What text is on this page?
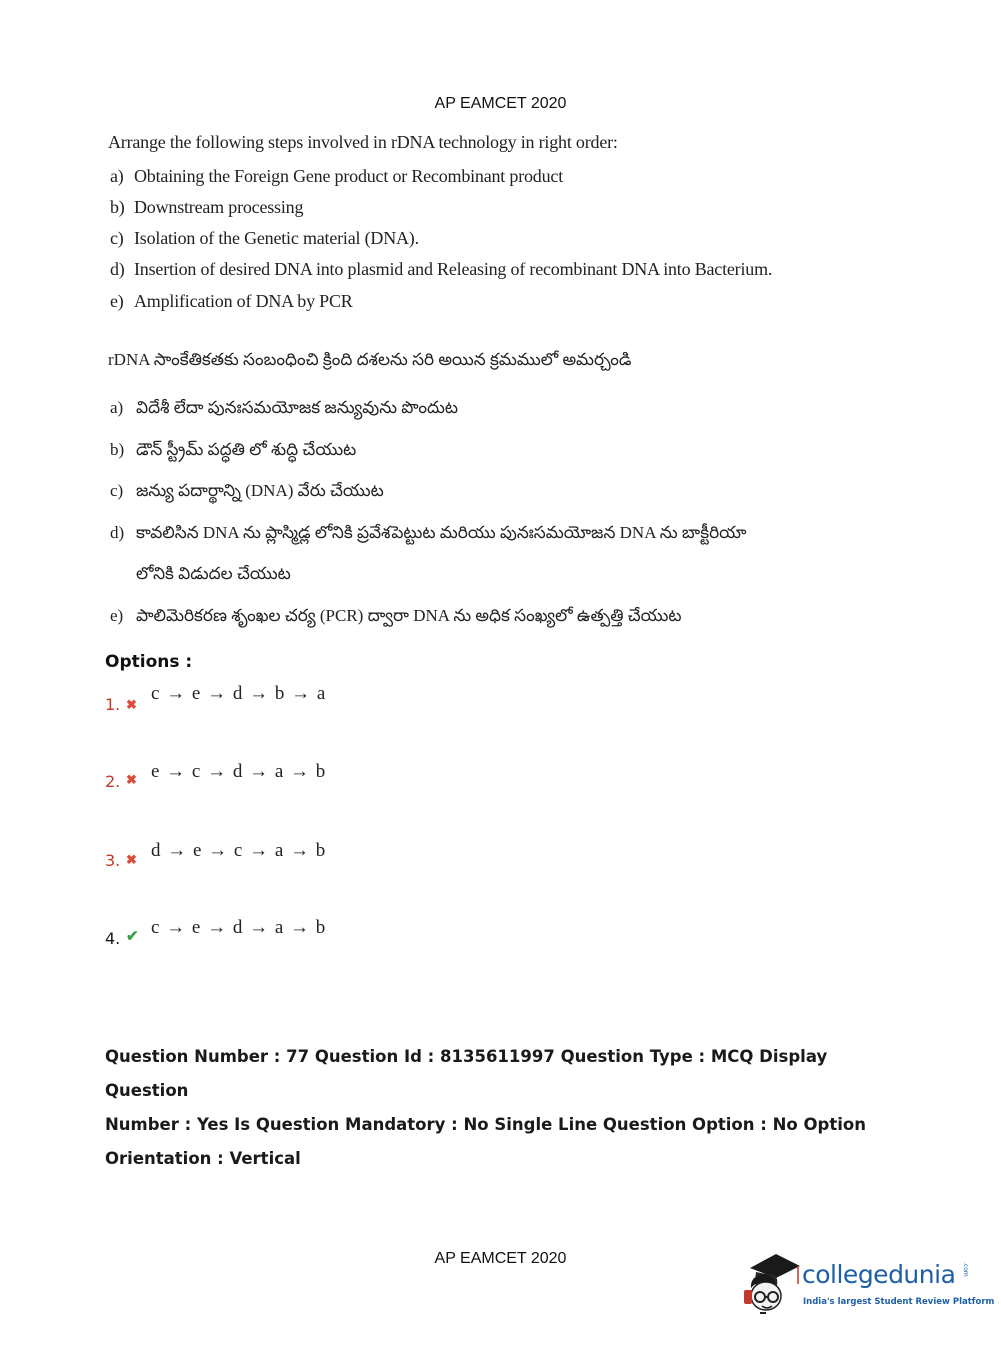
AP EAMCET 2020
Arrange the following steps involved in rDNA technology in right order:
a) Obtaining the Foreign Gene product or Recombinant product
b) Downstream processing
c) Isolation of the Genetic material (DNA).
d) Insertion of desired DNA into plasmid and Releasing of recombinant DNA into Bacterium.
e) Amplification of DNA by PCR
rDNA సాంకేతికతకు సంబంధించి క్రింది దశలను సరి అయిన క్రమములో అమర్చండి
a) విదేశీ లేదా పునఃసమయోజక జన్యువును పొందుట
b) డౌన్ స్ట్రీమ్ పద్ధతి లో శుద్ధి చేయుట
c) జన్యు పదార్థాన్ని (DNA) వేరు చేయుట
d) కావలిసిన DNA ను ప్లాస్మిడ్ల లోనికి ప్రవేశపెట్టుట మరియు పునఃసమయోజన DNA ను బాక్టీరియా
లోనికి విడుదల చేయుట
e) పాలిమెరికరణ శృంఖల చర్య (PCR) ద్వారా DNA ను అధిక సంఖ్యలో ఉత్పత్తి చేయుట
Options :
1. ✖
c → e → d → b → a
2. ✖ e → c → d → a → b
3. ✖ d → e → c → a → b
4. ✔ c → e → d → a → b

Question Number : 77 Question Id : 8135611997 Question Type : MCQ Display Question

Number : Yes Is Question Mandatory : No Single Line Question Option : No Option

Orientation : Vertical

AP EAMCET 2020
collegedunia .com
India's largest Student Review Platform
